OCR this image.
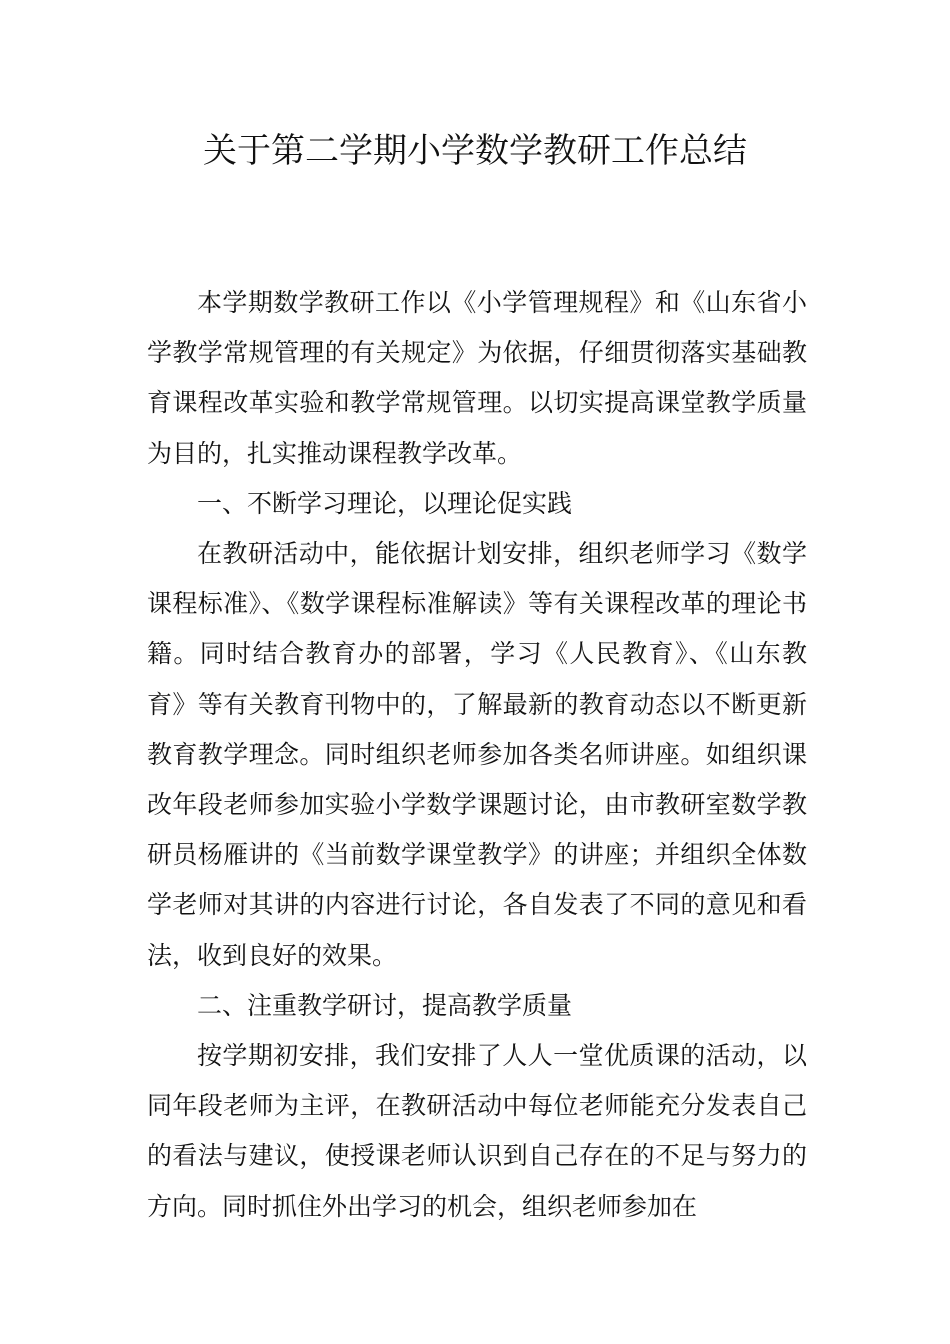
关于第二学期小学数学教研工作总结

本学期数学教研工作以《小学管理规程》和《山东省小学教学常规管理的有关规定》为依据，仔细贯彻落实基础教育课程改革实验和教学常规管理。以切实提高课堂教学质量为目的，扎实推动课程教学改革。

一、不断学习理论，以理论促实践

在教研活动中，能依据计划安排，组织老师学习《数学课程标准》、《数学课程标准解读》等有关课程改革的理论书籍。同时结合教育办的部署，学习《人民教育》、《山东教育》等有关教育刊物中的，了解最新的教育动态以不断更新教育教学理念。同时组织老师参加各类名师讲座。如组织课改年段老师参加实验小学数学课题讨论，由市教研室数学教研员杨雁讲的《当前数学课堂教学》的讲座；并组织全体数学老师对其讲的内容进行讨论，各自发表了不同的意见和看法，收到良好的效果。

二、注重教学研讨，提高教学质量

按学期初安排，我们安排了人人一堂优质课的活动，以同年段老师为主评，在教研活动中每位老师能充分发表自己的看法与建议，使授课老师认识到自己存在的不足与努力的方向。同时抓住外出学习的机会，组织老师参加在
